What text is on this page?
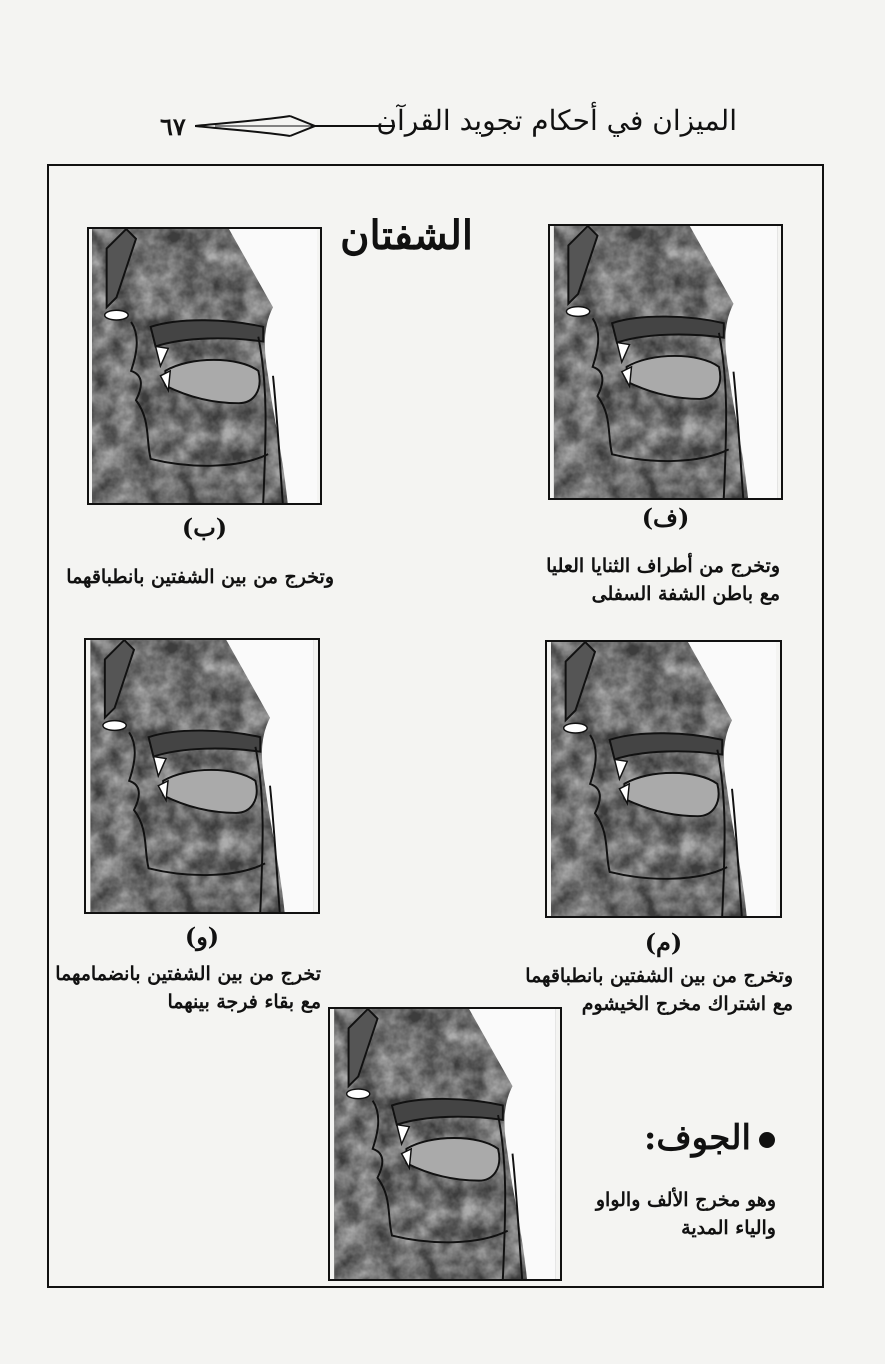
الميزان في أحكام تجويد القرآن
٦٧
الشفتان
(ف)
وتخرج من أطراف الثنايا العليا
مع باطن الشفة السفلى
(ب)
وتخرج من بين الشفتين بانطباقهما
(م)
وتخرج من بين الشفتين بانطباقهما
مع اشتراك مخرج الخيشوم
(و)
تخرج من بين الشفتين بانضمامهما
مع بقاء فرجة بينهما
الجوف:
وهو مخرج الألف والواو
والياء المدية
